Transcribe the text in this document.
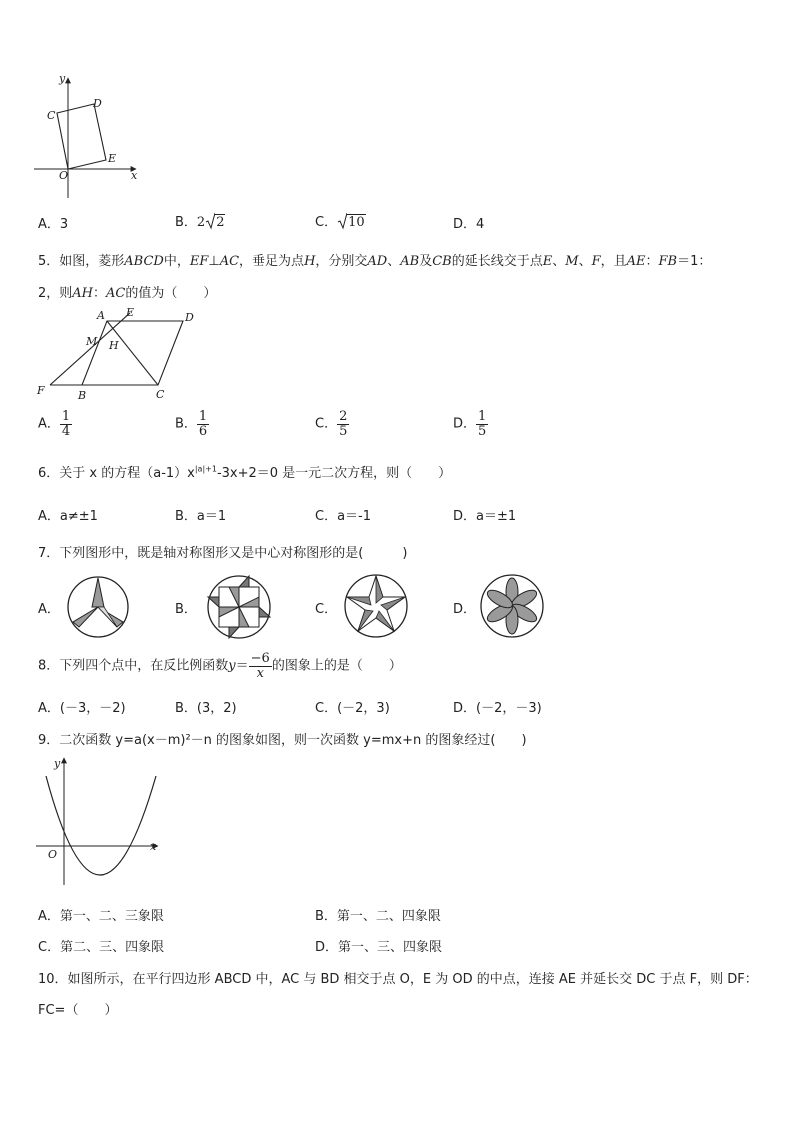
y
x
O
C
D
E
A．3	B．2 2	C． 10	D．4
5．如图，菱形ABCD中，EF⊥AC，垂足为点H，分别交AD、AB及CB的延长线交于点E、M、F，且AE：FB＝1：
2，则AH：AC的值为（　　）
A E	D
M H
F	B	C
A． $\frac{1}{4}$	B． $\frac{1}{6}$	C． $\frac{2}{5}$	D． $\frac{1}{5}$
6．关于 x 的方程$(a-1)x^{|a|+1}-3x+2=0$ 是一元二次方程，则（　　）
A．a≠±1	B．a＝1	C．a＝-1	D．a＝±1
7．下列图形中，既是轴对称图形又是中心对称图形的是(　　　)
A．	B．	C．	D．
8．下列四个点中，在反比例函数$y= \frac{-6}{x}$ 的图象上的是（　　）
A．(－3，－2)	B．(3，2)	C．(－2，3)	D．(－2，－3)
9．二次函数 y=a(x－m)²－n 的图象如图，则一次函数 y=mx+n 的图象经过(　　)
y
x
O
A．第一、二、三象限	B．第一、二、四象限
C．第二、三、四象限	D．第一、三、四象限
10．如图所示，在平行四边形 ABCD 中，AC 与 BD 相交于点 O，E 为 OD 的中点，连接 AE 并延长交 DC 于点 F，则 DF：
FC=（　　）
